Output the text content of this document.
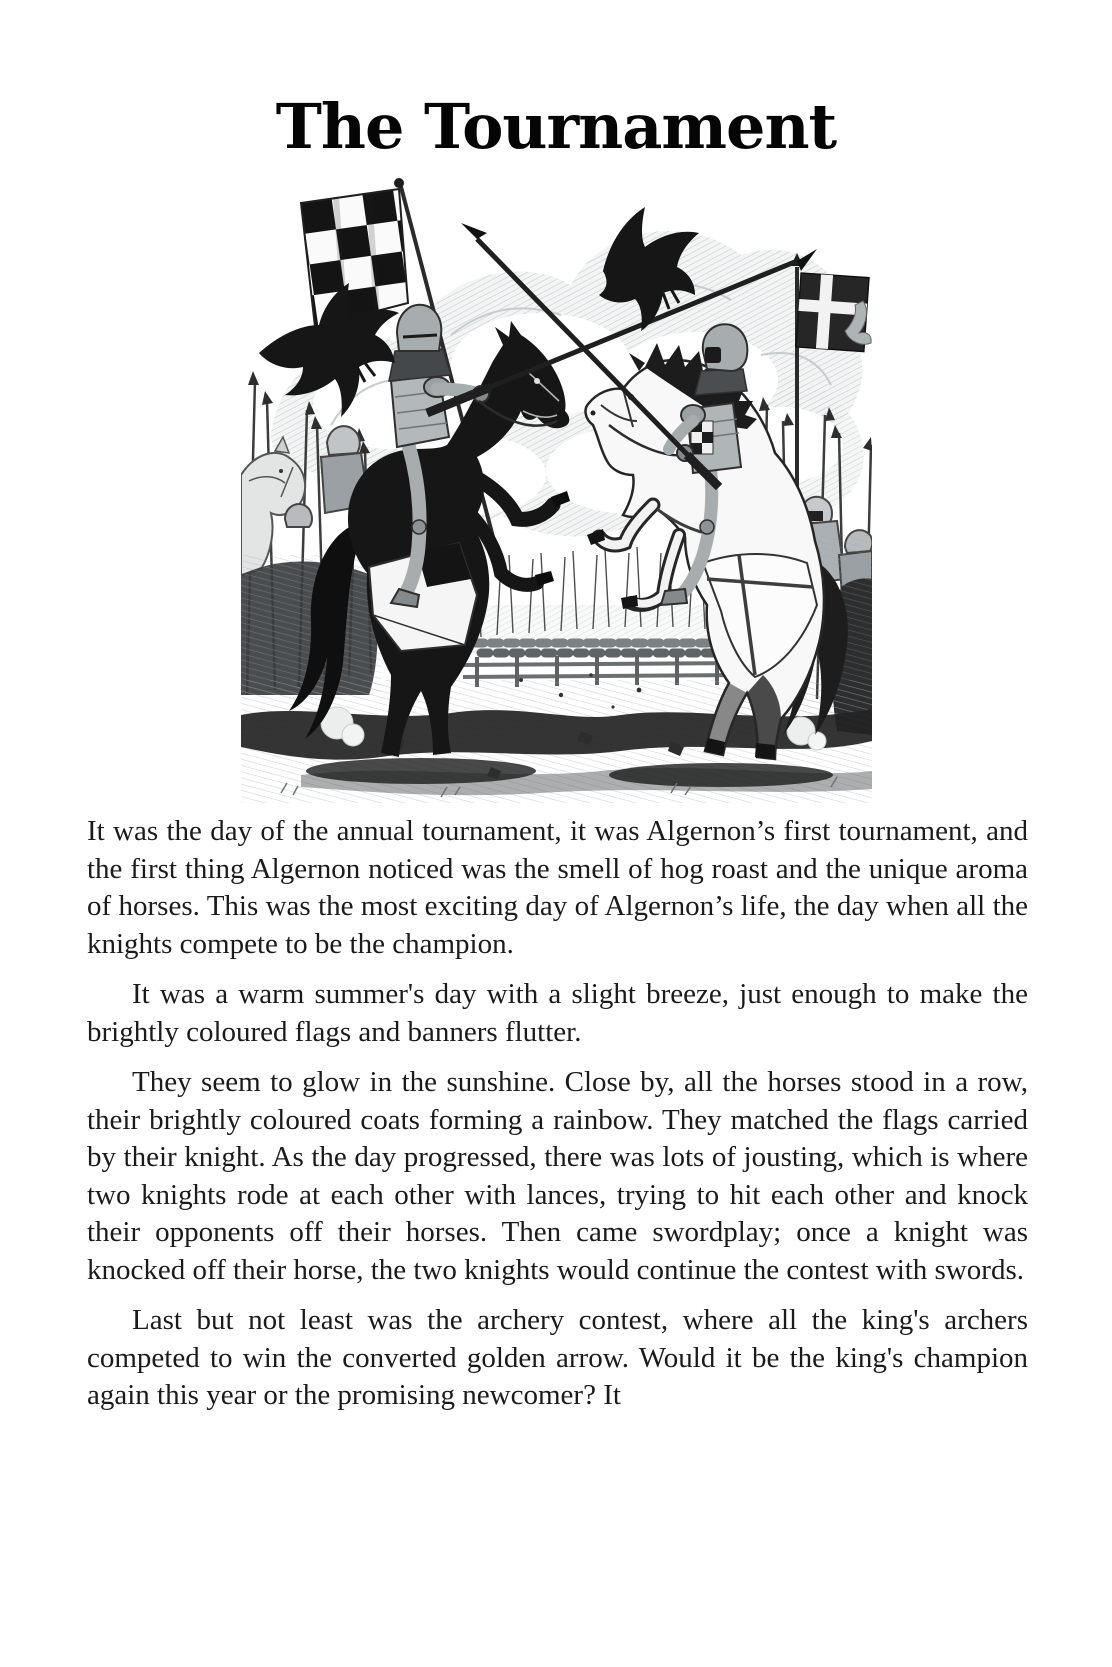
The Tournament

It was the day of the annual tournament, it was Algernon’s first tournament, and the first thing Algernon noticed was the smell of hog roast and the unique aroma of horses. This was the most exciting day of Algernon’s life, the day when all the knights compete to be the champion.

It was a warm summer's day with a slight breeze, just enough to make the brightly coloured flags and banners flutter.

They seem to glow in the sunshine. Close by, all the horses stood in a row, their brightly coloured coats forming a rainbow. They matched the flags carried by their knight. As the day progressed, there was lots of jousting, which is where two knights rode at each other with lances, trying to hit each other and knock their opponents off their horses. Then came swordplay; once a knight was knocked off their horse, the two knights would continue the contest with swords.

Last but not least was the archery contest, where all the king's archers competed to win the converted golden arrow. Would it be the king's champion again this year or the promising newcomer? It
